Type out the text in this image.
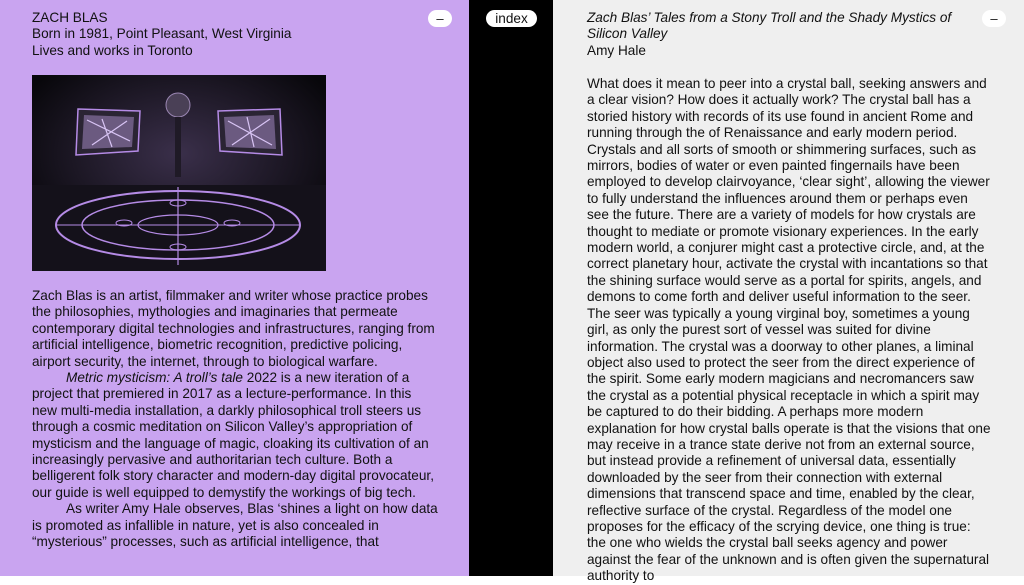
ZACH BLAS
Born in 1981, Point Pleasant, West Virginia
Lives and works in Toronto
–	index	–

Zach Blas is an artist, filmmaker and writer whose practice probes the philosophies, mythologies and imaginaries that permeate contemporary digital technologies and infrastructures, ranging from artificial intelligence, biometric recognition, predictive policing, airport security, the internet, through to biological warfare.

Metric mysticism: A troll’s tale 2022 is a new iteration of a project that premiered in 2017 as a lecture-performance. In this new multi-media installation, a darkly philosophical troll steers us through a cosmic meditation on Silicon Valley’s appropriation of mysticism and the language of magic, cloaking its cultivation of an increasingly pervasive and authoritarian tech culture. Both a belligerent folk story character and modern-day digital provocateur, our guide is well equipped to demystify the workings of big tech.

As writer Amy Hale observes, Blas ‘shines a light on how data is promoted as infallible in nature, yet is also concealed in “mysterious” processes, such as artificial intelligence, that

Zach Blas’ Tales from a Stony Troll and the Shady Mystics of Silicon Valley
Amy Hale

What does it mean to peer into a crystal ball, seeking answers and a clear vision? How does it actually work? The crystal ball has a storied history with records of its use found in ancient Rome and running through the of Renaissance and early modern period. Crystals and all sorts of smooth or shimmering surfaces, such as mirrors, bodies of water or even painted fingernails have been employed to develop clairvoyance, ‘clear sight’, allowing the viewer to fully understand the influences around them or perhaps even see the future. There are a variety of models for how crystals are thought to mediate or promote visionary experiences. In the early modern world, a conjurer might cast a protective circle, and, at the correct planetary hour, activate the crystal with incantations so that the shining surface would serve as a portal for spirits, angels, and demons to come forth and deliver useful information to the seer. The seer was typically a young virginal boy, sometimes a young girl, as only the purest sort of vessel was suited for divine information. The crystal was a doorway to other planes, a liminal object also used to protect the seer from the direct experience of the spirit. Some early modern magicians and necromancers saw the crystal as a potential physical receptacle in which a spirit may be captured to do their bidding. A perhaps more modern explanation for how crystal balls operate is that the visions that one may receive in a trance state derive not from an external source, but instead provide a refinement of universal data, essentially downloaded by the seer from their connection with external dimensions that transcend space and time, enabled by the clear, reflective surface of the crystal. Regardless of the model one proposes for the efficacy of the scrying device, one thing is true: the one who wields the crystal ball seeks agency and power against the fear of the unknown and is often given the supernatural authority to
